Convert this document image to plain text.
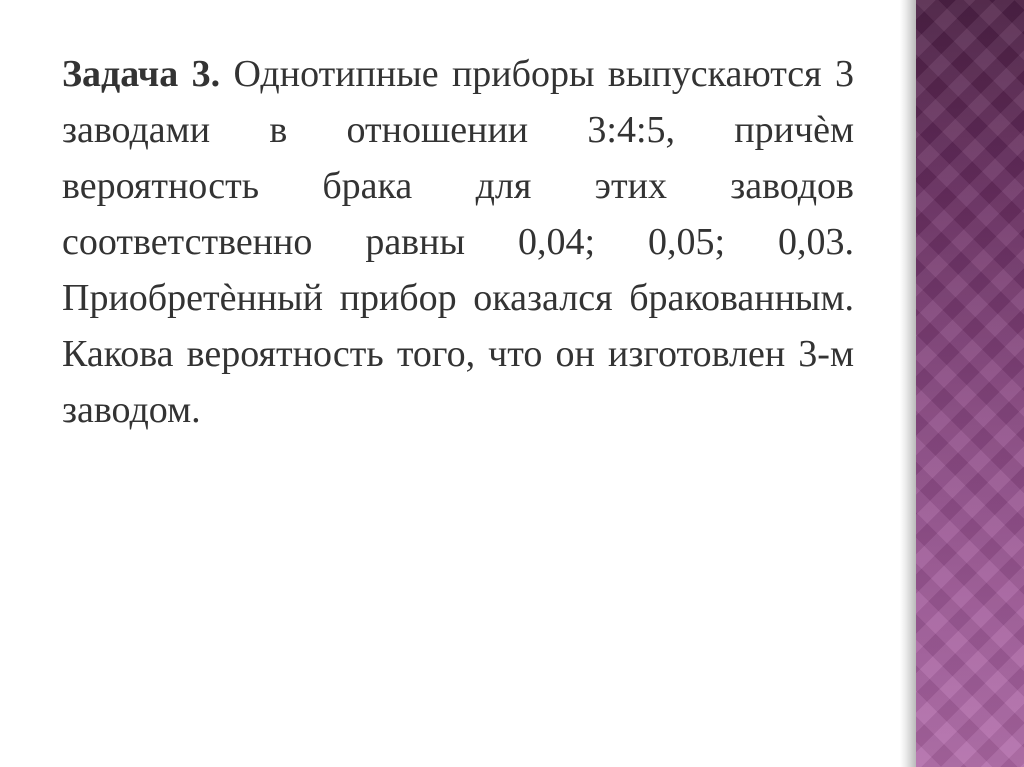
Задача 3. Однотипные приборы выпускаются 3 заводами в отношении 3:4:5, причѐм вероятность брака для этих заводов соответственно равны 0,04; 0,05; 0,03. Приобретѐнный прибор оказался бракованным. Какова вероятность того, что он изготовлен 3-м заводом.
